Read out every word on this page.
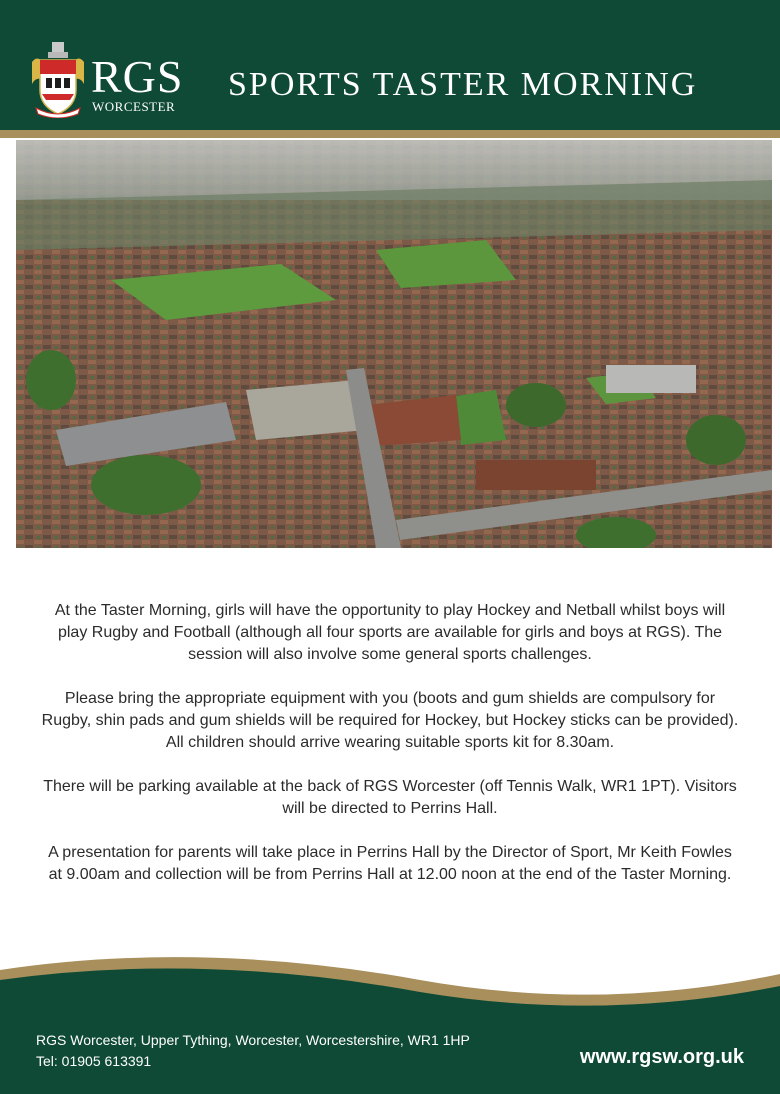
RGS
WORCESTER
SPORTS TASTER MORNING

At the Taster Morning, girls will have the opportunity to play Hockey and Netball whilst boys will play Rugby and Football (although all four sports are available for girls and boys at RGS). The session will also involve some general sports challenges.

Please bring the appropriate equipment with you (boots and gum shields are compulsory for Rugby, shin pads and gum shields will be required for Hockey, but Hockey sticks can be provided). All children should arrive wearing suitable sports kit for 8.30am.

There will be parking available at the back of RGS Worcester (off Tennis Walk, WR1 1PT). Visitors will be directed to Perrins Hall.

A presentation for parents will take place in Perrins Hall by the Director of Sport, Mr Keith Fowles at 9.00am and collection will be from Perrins Hall at 12.00 noon at the end of the Taster Morning.

RGS Worcester, Upper Tything, Worcester, Worcestershire, WR1 1HP
Tel: 01905 613391	www.rgsw.org.uk
